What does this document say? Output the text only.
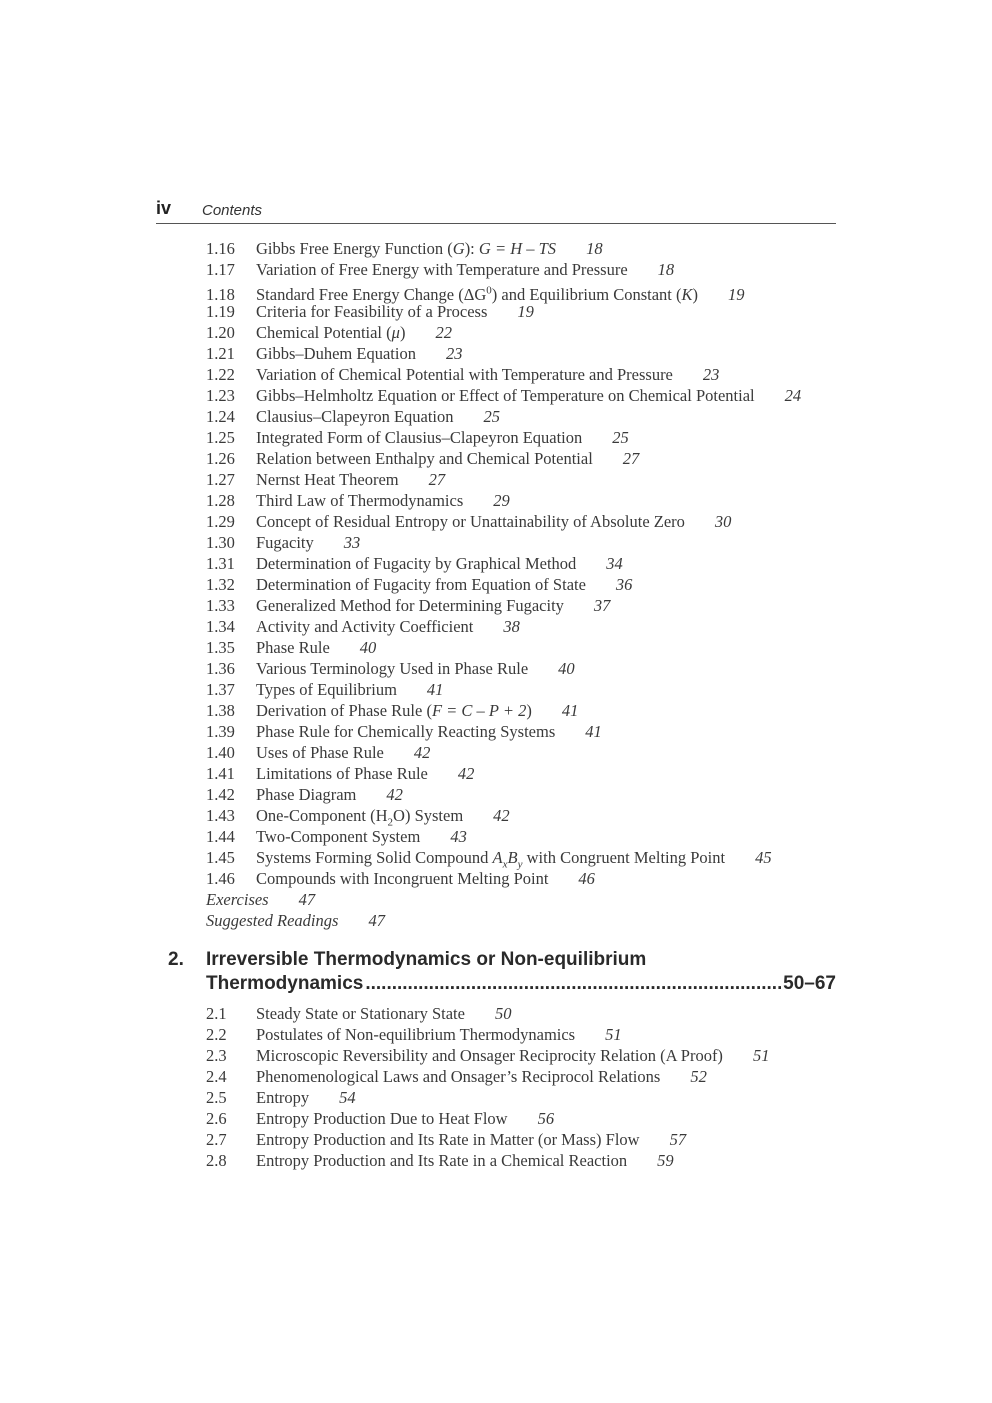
iv Contents
1.16 Gibbs Free Energy Function (G): G = H – TS 18
1.17 Variation of Free Energy with Temperature and Pressure 18
1.18 Standard Free Energy Change $(\Delta G^0)$ and Equilibrium Constant (K) 19
1.19 Criteria for Feasibility of a Process 19
1.20 Chemical Potential (μ) 22
1.21 Gibbs–Duhem Equation 23
1.22 Variation of Chemical Potential with Temperature and Pressure 23
1.23 Gibbs–Helmholtz Equation or Effect of Temperature on Chemical Potential 24
1.24 Clausius–Clapeyron Equation 25
1.25 Integrated Form of Clausius–Clapeyron Equation 25
1.26 Relation between Enthalpy and Chemical Potential 27
1.27 Nernst Heat Theorem 27
1.28 Third Law of Thermodynamics 29
1.29 Concept of Residual Entropy or Unattainability of Absolute Zero 30
1.30 Fugacity 33
1.31 Determination of Fugacity by Graphical Method 34
1.32 Determination of Fugacity from Equation of State 36
1.33 Generalized Method for Determining Fugacity 37
1.34 Activity and Activity Coefficient 38
1.35 Phase Rule 40
1.36 Various Terminology Used in Phase Rule 40
1.37 Types of Equilibrium 41
1.38 Derivation of Phase Rule (F = C – P + 2) 41
1.39 Phase Rule for Chemically Reacting Systems 41
1.40 Uses of Phase Rule 42
1.41 Limitations of Phase Rule 42
1.42 Phase Diagram 42
1.43 One-Component $(H_2O)$ System 42
1.44 Two-Component System 43
1.45 Systems Forming Solid Compound $A_xB_y$ with Congruent Melting Point 45
1.46 Compounds with Incongruent Melting Point 46
Exercises 47
Suggested Readings 47
2. Irreversible Thermodynamics or Non-equilibrium
Thermodynamics
.....	50–67
2.1 Steady State or Stationary State 50
2.2 Postulates of Non-equilibrium Thermodynamics 51
2.3 Microscopic Reversibility and Onsager Reciprocity Relation (A Proof) 51
2.4 Phenomenological Laws and Onsager’s Reciprocol Relations 52
2.5 Entropy 54
2.6 Entropy Production Due to Heat Flow 56
2.7 Entropy Production and Its Rate in Matter (or Mass) Flow 57
2.8 Entropy Production and Its Rate in a Chemical Reaction 59
